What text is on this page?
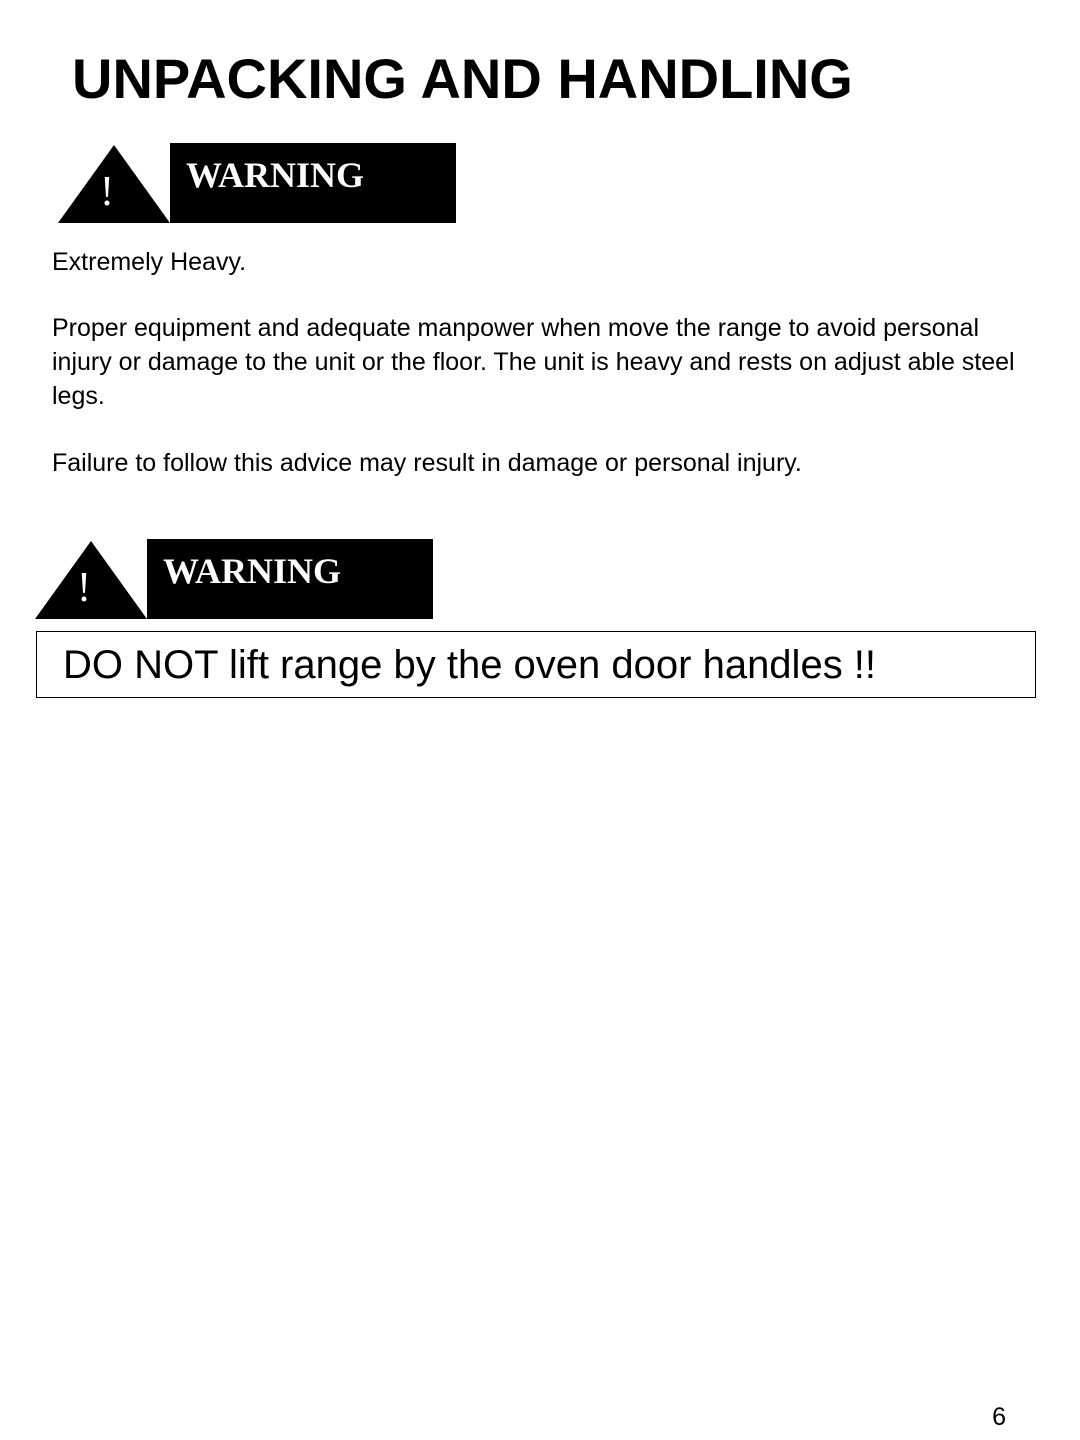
UNPACKING AND HANDLING
! WARNING

Extremely Heavy.

Proper equipment and adequate manpower when move the range to avoid personal injury or damage to the unit or the floor. The unit is heavy and rests on adjust able steel legs.

Failure to follow this advice may result in damage or personal injury.

! WARNING
DO NOT lift range by the oven door handles !!
6
